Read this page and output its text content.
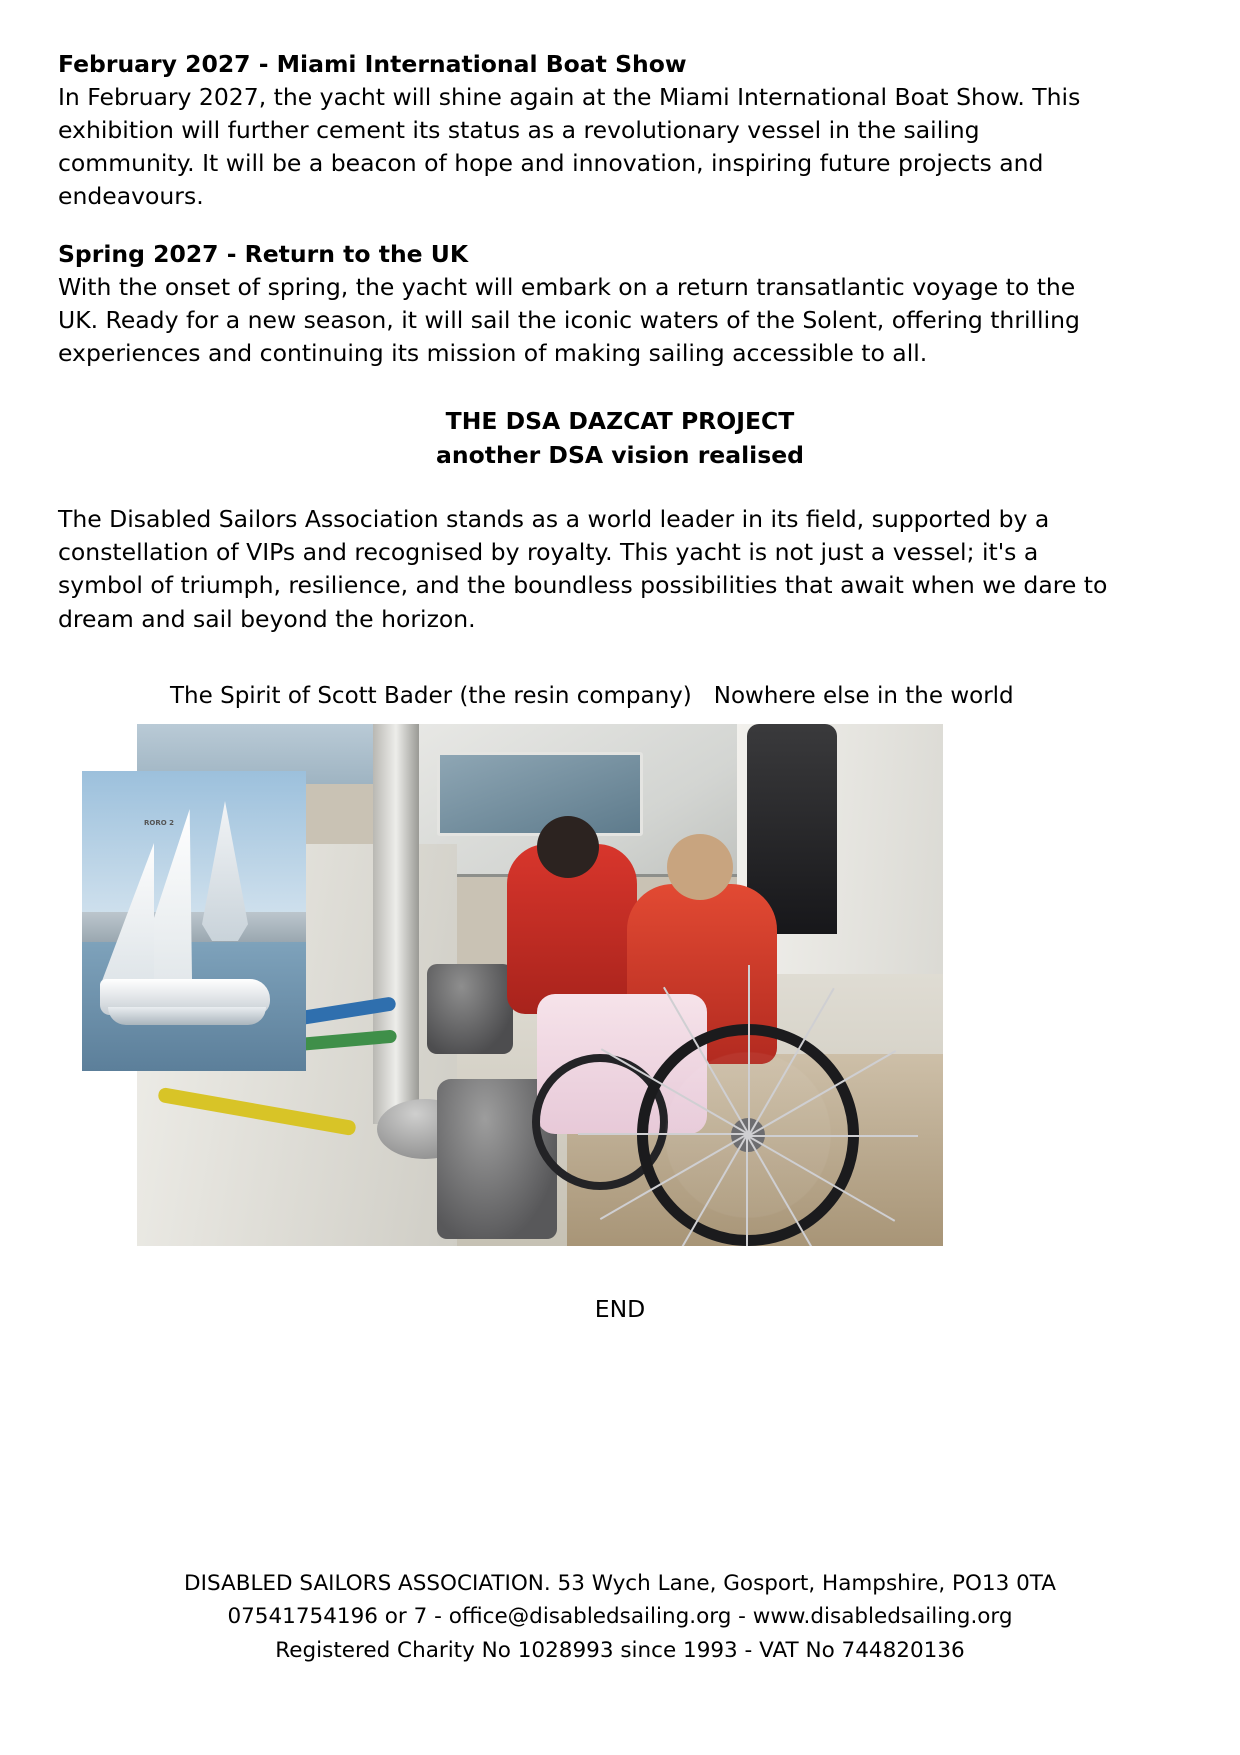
February 2027 - Miami International Boat Show

In February 2027, the yacht will shine again at the Miami International Boat Show. This exhibition will further cement its status as a revolutionary vessel in the sailing community. It will be a beacon of hope and innovation, inspiring future projects and endeavours.

Spring 2027 - Return to the UK

With the onset of spring, the yacht will embark on a return transatlantic voyage to the UK. Ready for a new season, it will sail the iconic waters of the Solent, offering thrilling experiences and continuing its mission of making sailing accessible to all.

THE DSA DAZCAT PROJECT
another DSA vision realised

The Disabled Sailors Association stands as a world leader in its field, supported by a constellation of VIPs and recognised by royalty. This yacht is not just a vessel; it's a symbol of triumph, resilience, and the boundless possibilities that await when we dare to dream and sail beyond the horizon.

The Spirit of Scott Bader (the resin company) Nowhere else in the world
RORO 2
END
DISABLED SAILORS ASSOCIATION. 53 Wych Lane, Gosport, Hampshire, PO13 0TA
07541754196 or 7 - office@disabledsailing.org - www.disabledsailing.org
Registered Charity No 1028993 since 1993 - VAT No 744820136
